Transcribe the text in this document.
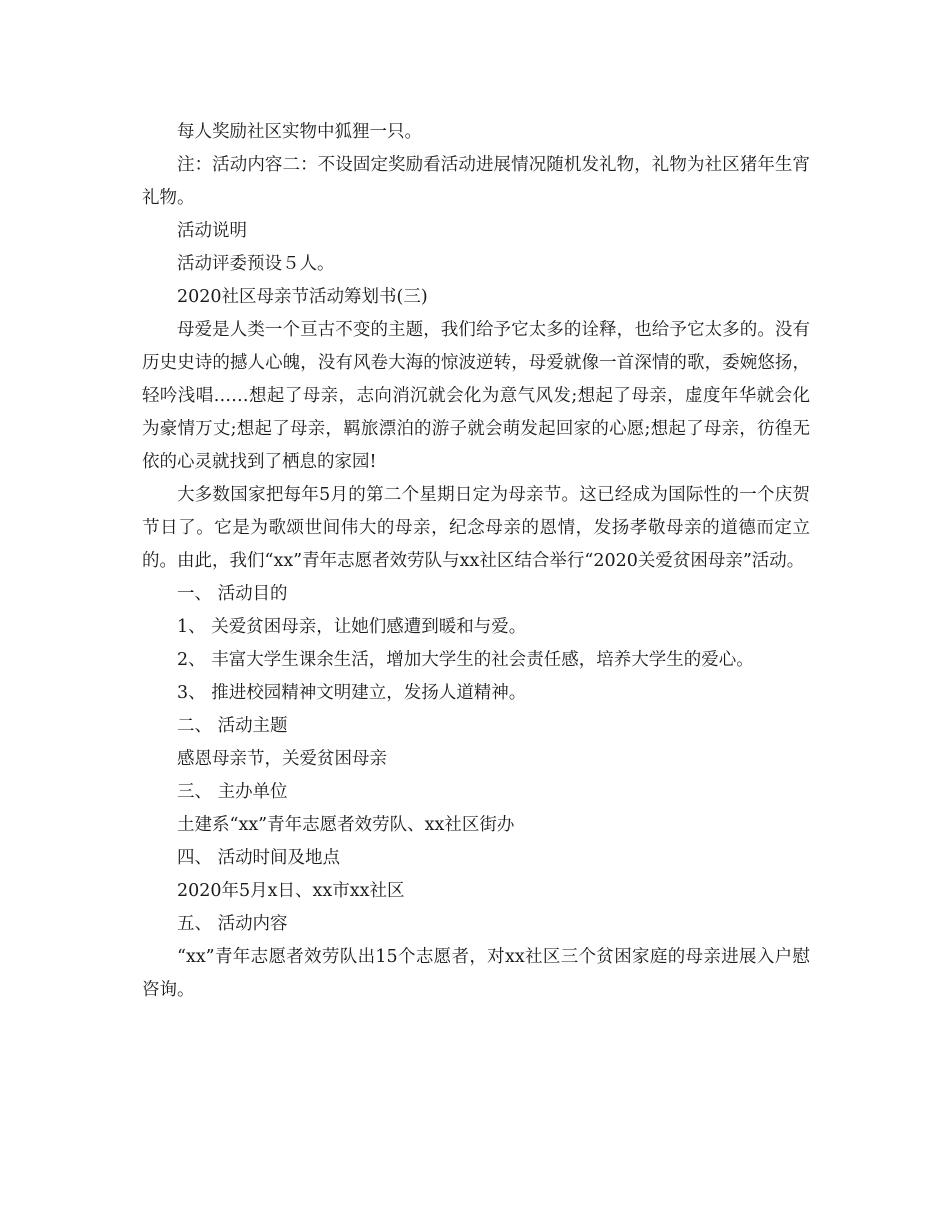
每人奖励社区实物中狐狸一只。

注：活动内容二：不设固定奖励看活动进展情况随机发礼物，礼物为社区猪年生宵礼物。

活动说明

活动评委预设５人。

2020社区母亲节活动筹划书(三)

母爱是人类一个亘古不变的主题，我们给予它太多的诠释，也给予它太多的。没有历史史诗的撼人心魄，没有风卷大海的惊波逆转，母爱就像一首深情的歌，委婉悠扬，轻吟浅唱……想起了母亲，志向消沉就会化为意气风发;想起了母亲，虚度年华就会化为豪情万丈;想起了母亲，羁旅漂泊的游子就会萌发起回家的心愿;想起了母亲，彷徨无依的心灵就找到了栖息的家园!

大多数国家把每年5月的第二个星期日定为母亲节。这已经成为国际性的一个庆贺节日了。它是为歌颂世间伟大的母亲，纪念母亲的恩情，发扬孝敬母亲的道德而定立的。由此，我们“xx”青年志愿者效劳队与xx社区结合举行“2020关爱贫困母亲”活动。

一、 活动目的

1、 关爱贫困母亲，让她们感遭到暖和与爱。

2、 丰富大学生课余生活，增加大学生的社会责任感，培养大学生的爱心。

3、 推进校园精神文明建立，发扬人道精神。

二、 活动主题

感恩母亲节，关爱贫困母亲

三、 主办单位

土建系“xx”青年志愿者效劳队、xx社区街办

四、 活动时间及地点

2020年5月x日、xx市xx社区

五、 活动内容

“xx”青年志愿者效劳队出15个志愿者，对xx社区三个贫困家庭的母亲进展入户慰咨询。
